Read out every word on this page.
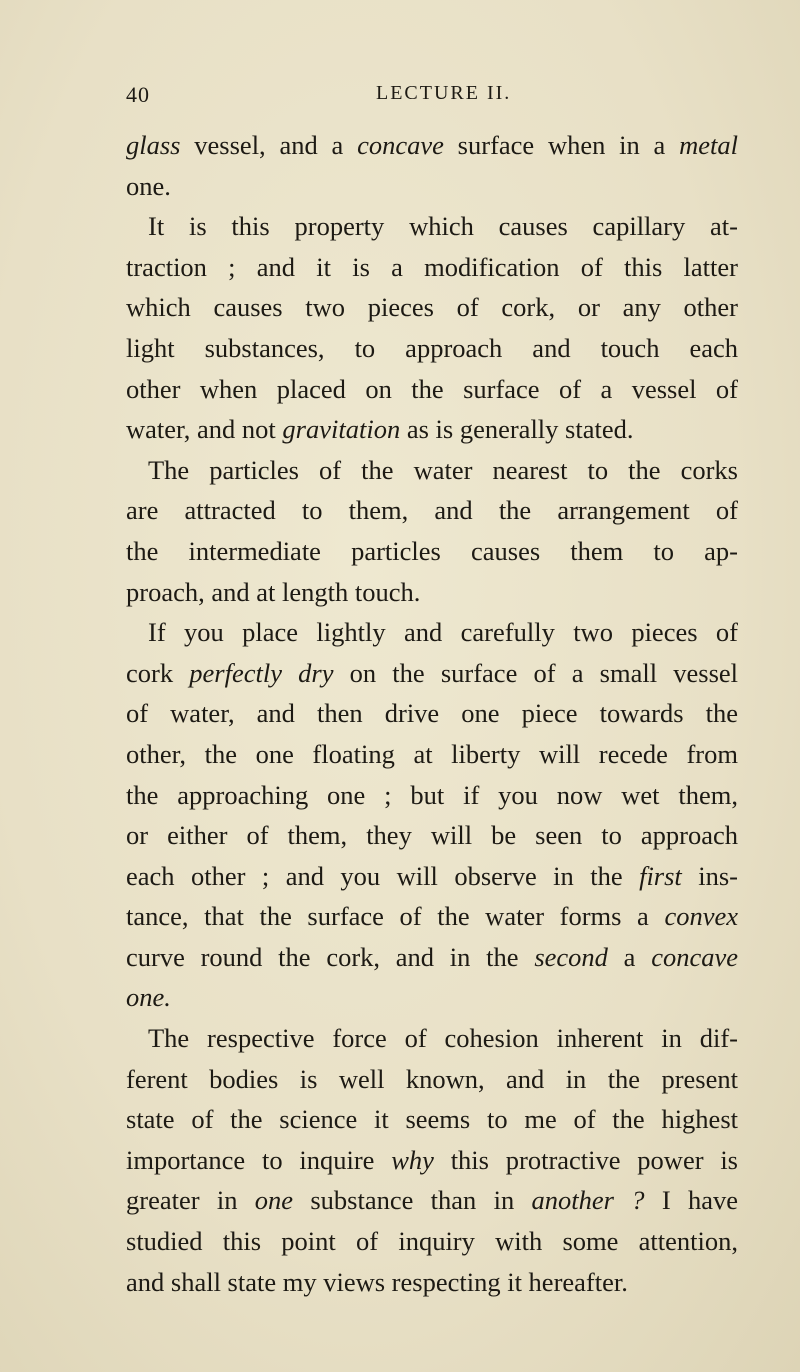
40	LECTURE II.
glass vessel, and a concave surface when in a metal
one.
It is this property which causes capillary at-
traction ; and it is a modification of this latter
which causes two pieces of cork, or any other
light substances, to approach and touch each
other when placed on the surface of a vessel of
water, and not gravitation as is generally stated.
The particles of the water nearest to the corks
are attracted to them, and the arrangement of
the intermediate particles causes them to ap-
proach, and at length touch.
If you place lightly and carefully two pieces of
cork perfectly dry on the surface of a small vessel
of water, and then drive one piece towards the
other, the one floating at liberty will recede from
the approaching one ; but if you now wet them,
or either of them, they will be seen to approach
each other ; and you will observe in the first ins-
tance, that the surface of the water forms a convex
curve round the cork, and in the second a concave
one.
The respective force of cohesion inherent in dif-
ferent bodies is well known, and in the present
state of the science it seems to me of the highest
importance to inquire why this protractive power is
greater in one substance than in another ? I have
studied this point of inquiry with some attention,
and shall state my views respecting it hereafter.
